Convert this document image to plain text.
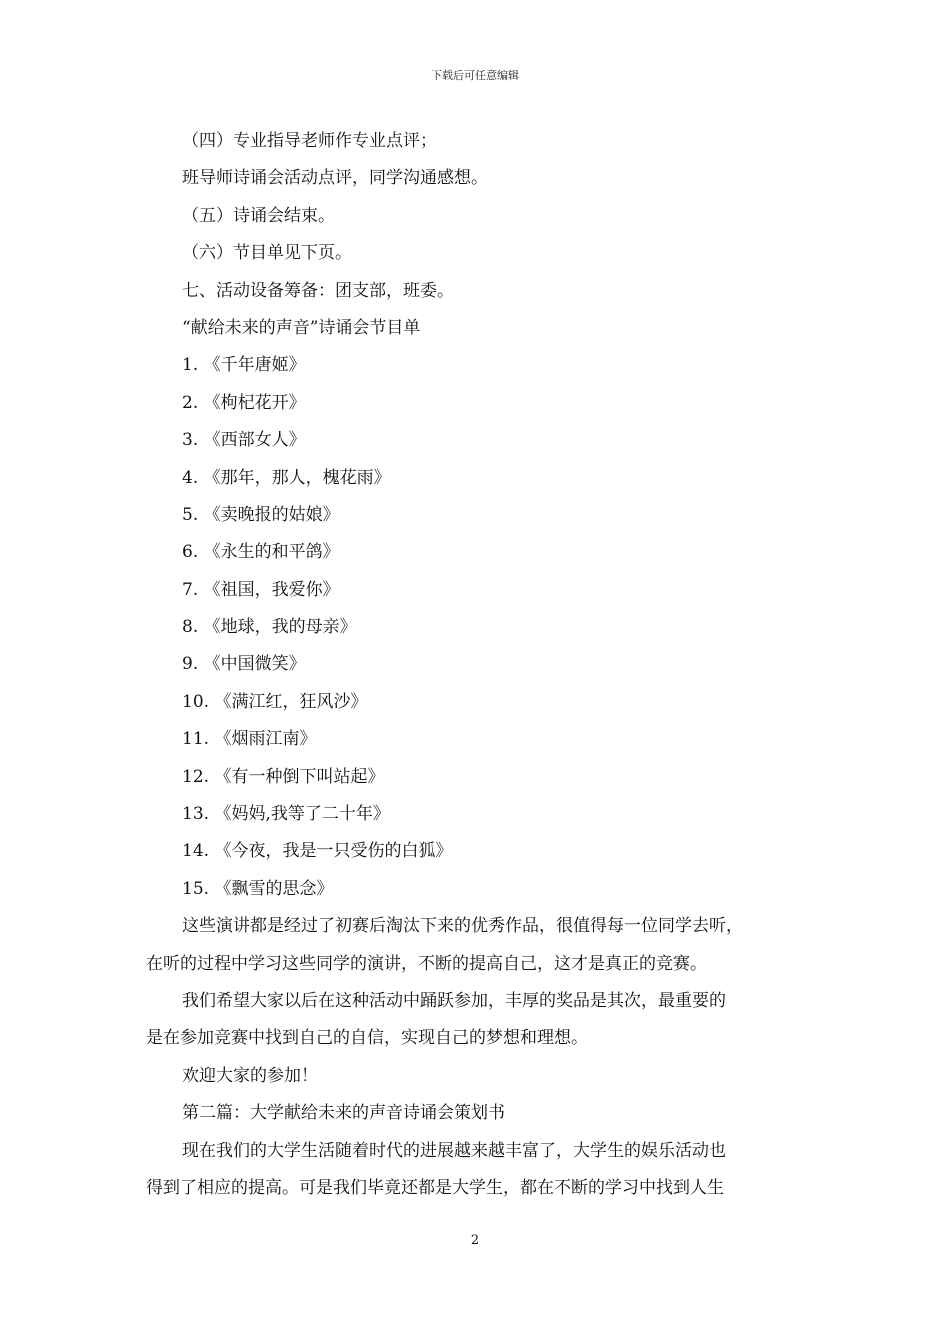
下载后可任意编辑
（四）专业指导老师作专业点评；
班导师诗诵会活动点评，同学沟通感想。
（五）诗诵会结束。
（六）节目单见下页。
七、活动设备筹备：团支部，班委。
“献给未来的声音”诗诵会节目单
1. 《千年唐姬》
2. 《枸杞花开》
3. 《西部女人》
4. 《那年，那人，槐花雨》
5. 《卖晚报的姑娘》
6. 《永生的和平鸽》
7. 《祖国，我爱你》
8. 《地球，我的母亲》
9. 《中国微笑》
10. 《满江红，狂风沙》
11. 《烟雨江南》
12. 《有一种倒下叫站起》
13. 《妈妈,我等了二十年》
14. 《今夜，我是一只受伤的白狐》
15. 《飘雪的思念》
这些演讲都是经过了初赛后淘汰下来的优秀作品，很值得每一位同学去听，
在听的过程中学习这些同学的演讲，不断的提高自己，这才是真正的竞赛。
我们希望大家以后在这种活动中踊跃参加，丰厚的奖品是其次，最重要的
是在参加竞赛中找到自己的自信，实现自己的梦想和理想。
欢迎大家的参加！
第二篇：大学献给未来的声音诗诵会策划书
现在我们的大学生活随着时代的进展越来越丰富了，大学生的娱乐活动也
得到了相应的提高。可是我们毕竟还都是大学生，都在不断的学习中找到人生
2
